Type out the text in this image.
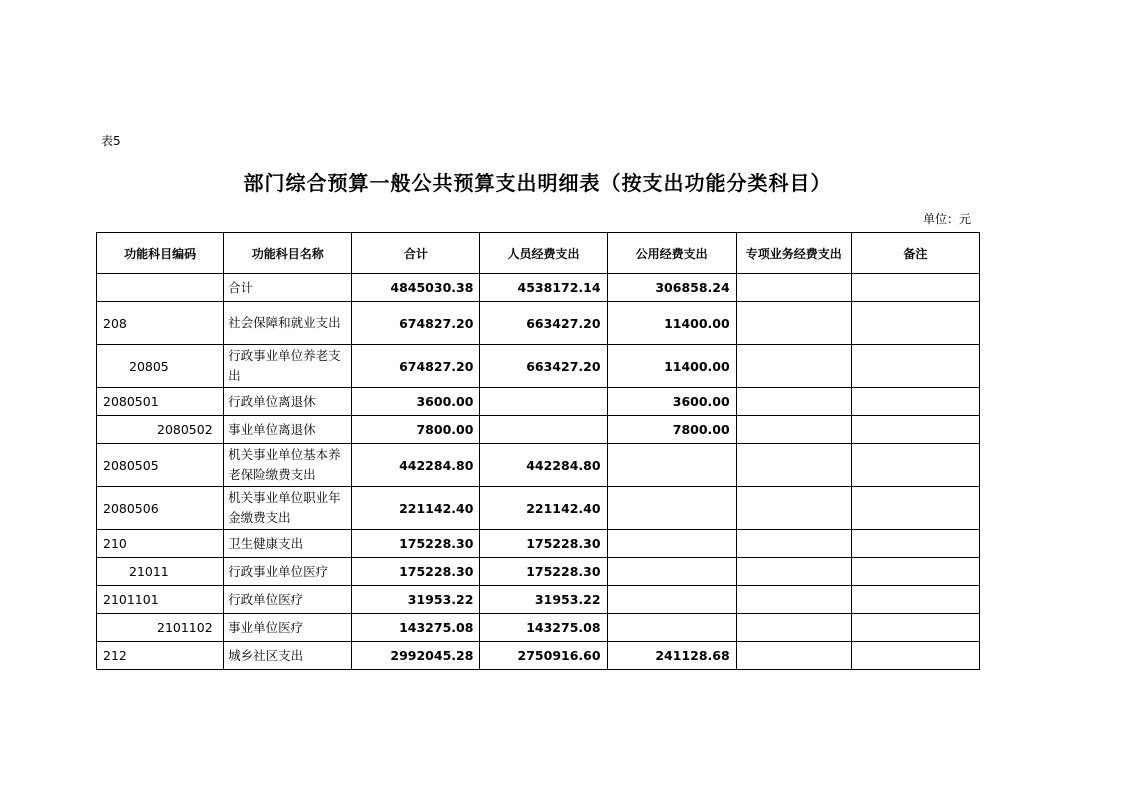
表5
部门综合预算一般公共预算支出明细表（按支出功能分类科目）
单位：元
功能科目编码	功能科目名称	合计	人员经费支出	公用经费支出	专项业务经费支出	备注
	合计	4845030.38	4538172.14	306858.24		
208	社会保障和就业支出	674827.20	663427.20	11400.00		
20805	行政事业单位养老支出	674827.20	663427.20	11400.00		
2080501	行政单位离退休	3600.00		3600.00		
2080502	事业单位离退休	7800.00		7800.00		
2080505	机关事业单位基本养老保险缴费支出	442284.80	442284.80			
2080506	机关事业单位职业年金缴费支出	221142.40	221142.40			
210	卫生健康支出	175228.30	175228.30			
21011	行政事业单位医疗	175228.30	175228.30			
2101101	行政单位医疗	31953.22	31953.22			
2101102	事业单位医疗	143275.08	143275.08			
212	城乡社区支出	2992045.28	2750916.60	241128.68		
